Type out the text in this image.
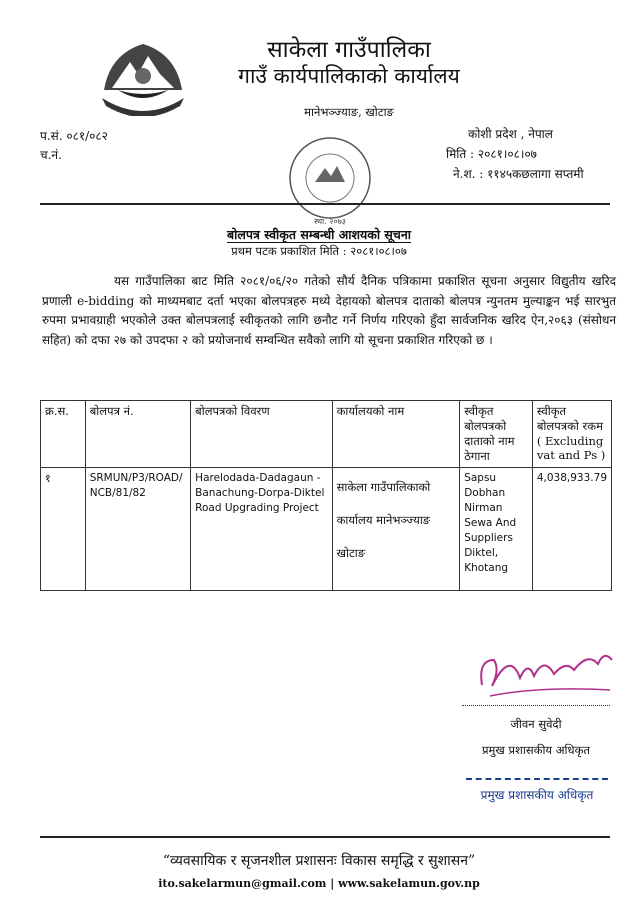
साकेला गाउँपालिका
गाउँ कार्यपालिकाको कार्यालय
मानेभञ्ज्याङ, खोटाङ
प.सं. ०८१/०८२
च.नं.
कोशी प्रदेश , नेपाल
मिति : २०८१।०८।०७
ने.श. : ११४५कछलागा सप्तमी
स्था. २०७३
बोलपत्र स्वीकृत सम्बन्धी आशयको सूचना
प्रथम पटक प्रकाशित मिति : २०८१।०८।०७
यस गाउँपालिका बाट मिति २०८१/०६/२० गतेको सौर्य दैनिक पत्रिकामा प्रकाशित सूचना अनुसार विद्युतीय खरिद प्रणाली e-bidding को माध्यमबाट दर्ता भएका बोलपत्रहरु मध्ये देहायको बोलपत्र दाताको बोलपत्र न्युनतम मुल्याङ्कन भई सारभुत रुपमा प्रभावग्राही भएकोले उक्त बोलपत्रलाई स्वीकृतको लागि छनौट गर्ने निर्णय गरिएको हुँदा सार्वजनिक खरिद ऐन,२०६३ (संसोधन सहित) को दफा २७ को उपदफा २ को प्रयोजनार्थ सम्वन्धित सवैको लागि यो सूचना प्रकाशित गरिएको छ ।
क्र.स.	बोलपत्र नं.	बोलपत्रको विवरण	कार्यालयको नाम	स्वीकृत बोलपत्रको दाताको नाम ठेगाना	स्वीकृत बोलपत्रको रकम ( Excluding vat and Ps )
१	SRMUN/P3/ROAD/NCB/81/82	Harelodada-Dadagaun - Banachung-Dorpa-Diktel Road Upgrading Project	साकेला गाउँपालिकाको कार्यालय मानेभञ्ज्याङ खोटाङ	Sapsu Dobhan Nirman Sewa And Suppliers Diktel, Khotang	4,038,933.79
जीवन सुवेदी
प्रमुख प्रशासकीय अधिकृत
प्रमुख प्रशासकीय अधिकृत
“व्यवसायिक र सृजनशील प्रशासनः विकास समृद्धि र सुशासन”
ito.sakelarmun@gmail.com | www.sakelamun.gov.np
